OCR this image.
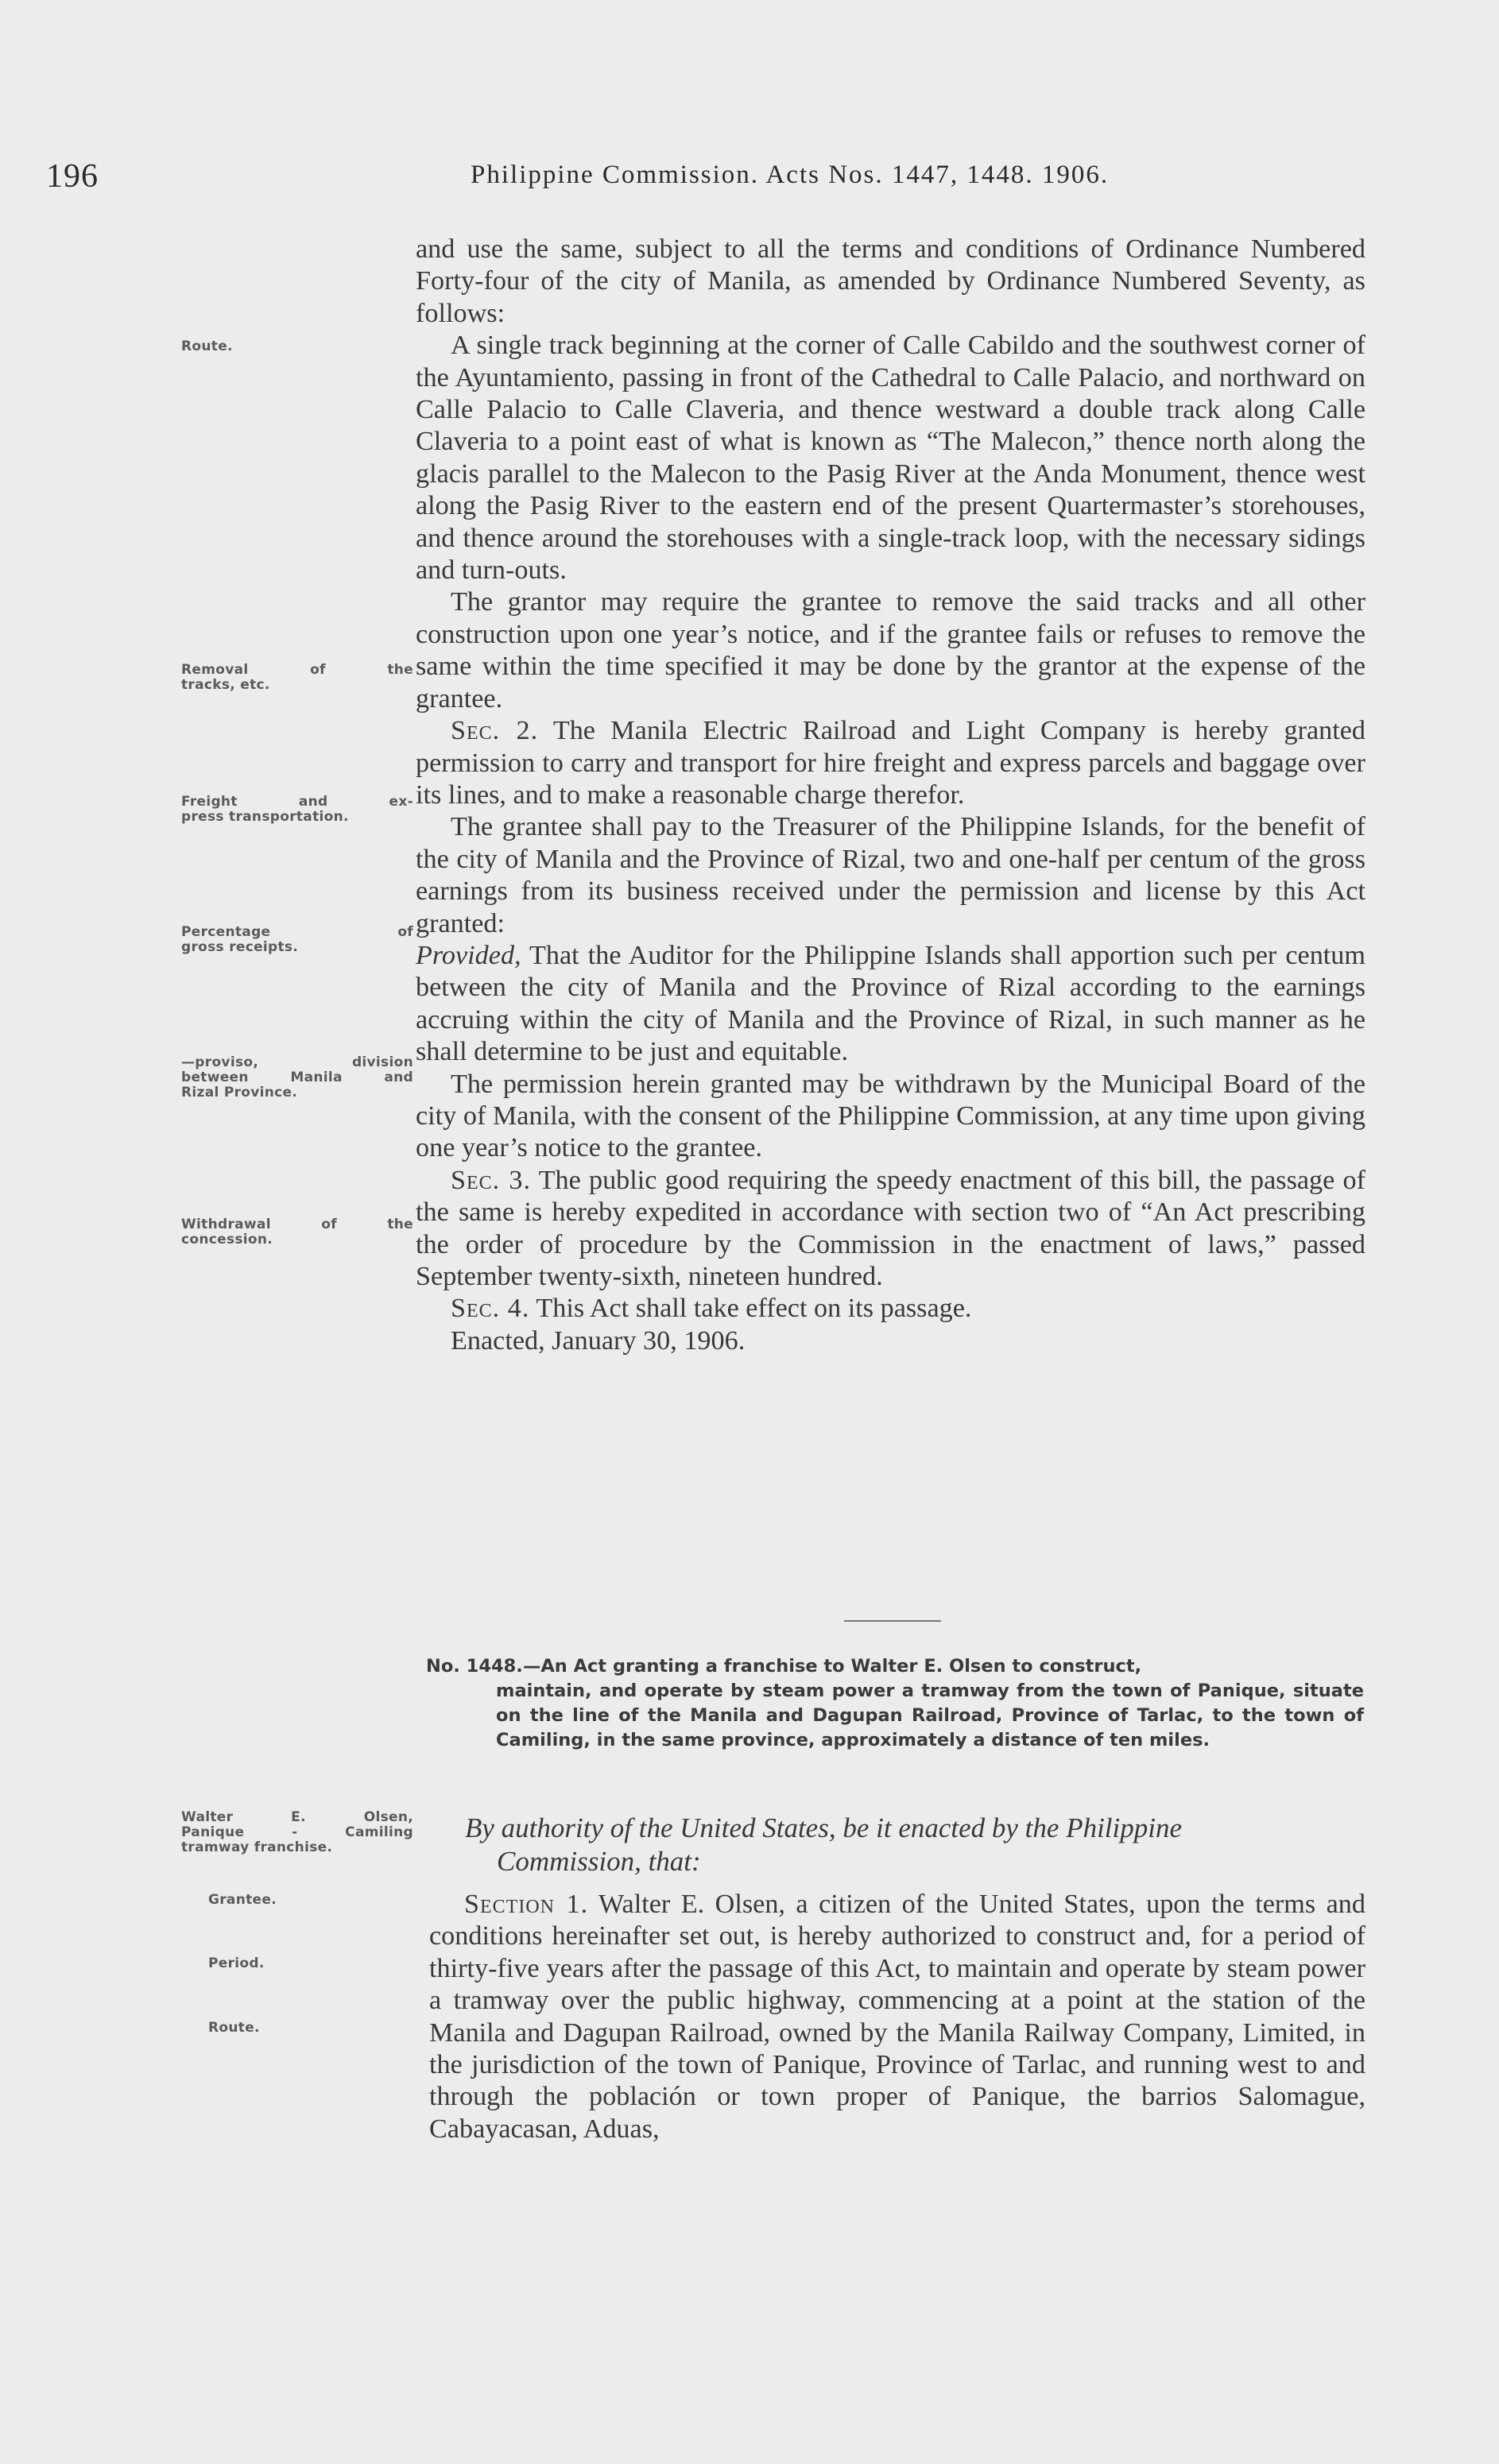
196	Philippine Commission. Acts Nos. 1447, 1448. 1906.

and use the same, subject to all the terms and conditions of Ordinance Numbered Forty-four of the city of Manila, as amended by Ordinance Numbered Seventy, as follows:

A single track beginning at the corner of Calle Cabildo and the southwest corner of the Ayuntamiento, passing in front of the Cathedral to Calle Palacio, and northward on Calle Palacio to Calle Claveria, and thence westward a double track along Calle Claveria to a point east of what is known as “The Malecon,” thence north along the glacis parallel to the Malecon to the Pasig River at the Anda Monument, thence west along the Pasig River to the eastern end of the present Quartermaster’s storehouses, and thence around the storehouses with a single-track loop, with the necessary sidings and turn-outs.

The grantor may require the grantee to remove the said tracks and all other construction upon one year’s notice, and if the grantee fails or refuses to remove the same within the time specified it may be done by the grantor at the expense of the grantee.

Sec. 2. The Manila Electric Railroad and Light Company is hereby granted permission to carry and transport for hire freight and express parcels and baggage over its lines, and to make a reasonable charge therefor.

The grantee shall pay to the Treasurer of the Philippine Islands, for the benefit of the city of Manila and the Province of Rizal, two and one-half per centum of the gross earnings from its business received under the permission and license by this Act granted:

Provided, That the Auditor for the Philippine Islands shall apportion such per centum between the city of Manila and the Province of Rizal according to the earnings accruing within the city of Manila and the Province of Rizal, in such manner as he shall determine to be just and equitable.

The permission herein granted may be withdrawn by the Municipal Board of the city of Manila, with the consent of the Philippine Commission, at any time upon giving one year’s notice to the grantee.

Sec. 3. The public good requiring the speedy enactment of this bill, the passage of the same is hereby expedited in accordance with section two of “An Act prescribing the order of procedure by the Commission in the enactment of laws,” passed September twenty-sixth, nineteen hundred.

Sec. 4. This Act shall take effect on its passage.

Enacted, January 30, 1906.

Route.
Removal of the
tracks, etc.
Freight and ex-
press transportation.
Percentage of
gross receipts.
—proviso, division
between Manila and
Rizal Province.
Withdrawal of the
concession.
Walter E. Olsen,
Panique - Camiling
tramway franchise.
Grantee.
Period.
Route.
No. 1448.—An Act granting a franchise to Walter E. Olsen to construct,
maintain, and operate by steam power a tramway from the town of Panique, situate on the line of the Manila and Dagupan Railroad, Province of Tarlac, to the town of Camiling, in the same province, approximately a distance of ten miles.
By authority of the United States, be it enacted by the Philippine
Commission, that:

Section 1. Walter E. Olsen, a citizen of the United States, upon the terms and conditions hereinafter set out, is hereby authorized to construct and, for a period of thirty-five years after the passage of this Act, to maintain and operate by steam power a tramway over the public highway, commencing at a point at the station of the Manila and Dagupan Railroad, owned by the Manila Railway Company, Limited, in the jurisdiction of the town of Panique, Province of Tarlac, and running west to and through the población or town proper of Panique, the barrios Salomague, Cabayacasan, Aduas,
